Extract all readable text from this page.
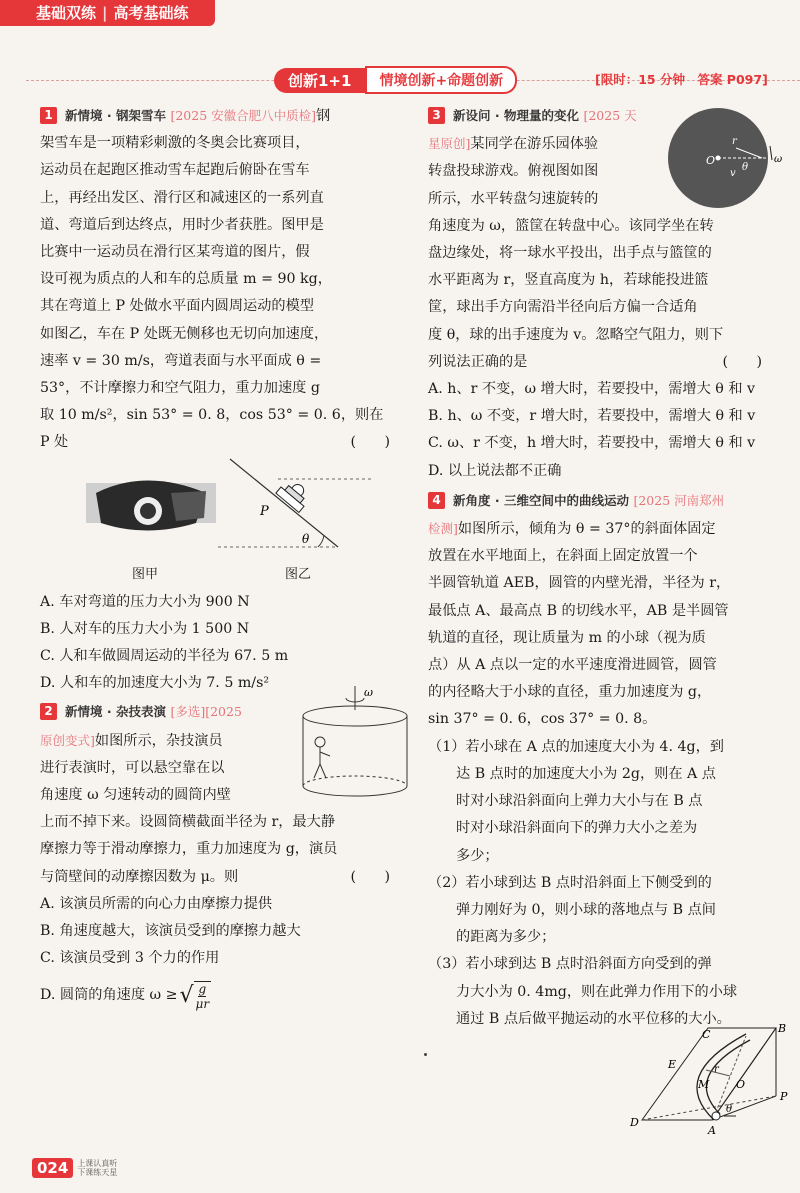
基础双练 | 高考基础练
创新1+1	情境创新+命题创新	[限时：15 分钟　答案 P097]

1 新情境 · 钢架雪车 [2025 安徽合肥八中质检]钢

架雪车是一项精彩刺激的冬奥会比赛项目，

运动员在起跑区推动雪车起跑后俯卧在雪车

上，再经出发区、滑行区和减速区的一系列直

道、弯道后到达终点，用时少者获胜。图甲是

比赛中一运动员在滑行区某弯道的图片，假

设可视为质点的人和车的总质量 m = 90 kg，

其在弯道上 P 处做水平面内圆周运动的模型

如图乙，车在 P 处既无侧移也无切向加速度，

速率 v = 30 m/s，弯道表面与水平面成 θ =

53°，不计摩擦力和空气阻力，重力加速度 g

取 10 m/s²，sin 53° = 0. 8，cos 53° = 0. 6，则在

P 处	(　　)

P
θ
图甲	图乙

A. 车对弯道的压力大小为 900 N

B. 人对车的压力大小为 1 500 N

C. 人和车做圆周运动的半径为 67. 5 m

D. 人和车的加速度大小为 7. 5 m/s²

2 新情境 · 杂技表演 [多选][2025

原创变式]如图所示，杂技演员

进行表演时，可以悬空靠在以

角速度 ω 匀速转动的圆筒内壁

ω

上而不掉下来。设圆筒横截面半径为 r，最大静

摩擦力等于滑动摩擦力，重力加速度为 g，演员

与筒壁间的动摩擦因数为 μ。则	(　　)

A. 该演员所需的向心力由摩擦力提供

B. 角速度越大，该演员受到的摩擦力越大

C. 该演员受到 3 个力的作用

D. 圆筒的角速度 ω ≥ √ $\frac{g}{\mu r}$

3 新设问 · 物理量的变化 [2025 天

星原创]某同学在游乐园体验

转盘投球游戏。俯视图如图

所示，水平转盘匀速旋转的

O
r
θ
v
ω

角速度为 ω，篮筐在转盘中心。该同学坐在转

盘边缘处，将一球水平投出，出手点与篮筐的

水平距离为 r，竖直高度为 h，若球能投进篮

筐，球出手方向需沿半径向后方偏一合适角

度 θ，球的出手速度为 v。忽略空气阻力，则下

列说法正确的是	(　　)

A. h、r 不变，ω 增大时，若要投中，需增大 θ 和 v

B. h、ω 不变，r 增大时，若要投中，需增大 θ 和 v

C. ω、r 不变，h 增大时，若要投中，需增大 θ 和 v

D. 以上说法都不正确

4 新角度 · 三维空间中的曲线运动 [2025 河南郑州

检测]如图所示，倾角为 θ = 37°的斜面体固定

放置在水平地面上，在斜面上固定放置一个

半圆管轨道 AEB，圆管的内壁光滑，半径为 r，

最低点 A、最高点 B 的切线水平，AB 是半圆管

轨道的直径，现让质量为 m 的小球（视为质

点）从 A 点以一定的水平速度滑进圆管，圆管

的内径略大于小球的直径，重力加速度为 g，

sin 37° = 0. 6，cos 37° = 0. 8。

（1）若小球在 A 点的加速度大小为 4. 4g，到

达 B 点时的加速度大小为 2g，则在 A 点

时对小球沿斜面向上弹力大小与在 B 点

时对小球沿斜面向下的弹力大小之差为

多少；

（2）若小球到达 B 点时沿斜面上下侧受到的

弹力刚好为 0，则小球的落地点与 B 点间

的距离为多少；

（3）若小球到达 B 点时沿斜面方向受到的弹

力大小为 0. 4mg，则在此弹力作用下的小球

通过 B 点后做平抛运动的水平位移的大小。

C	B
E	r
M O
P
D
A
θ
024	上课认真听
下课练天星
